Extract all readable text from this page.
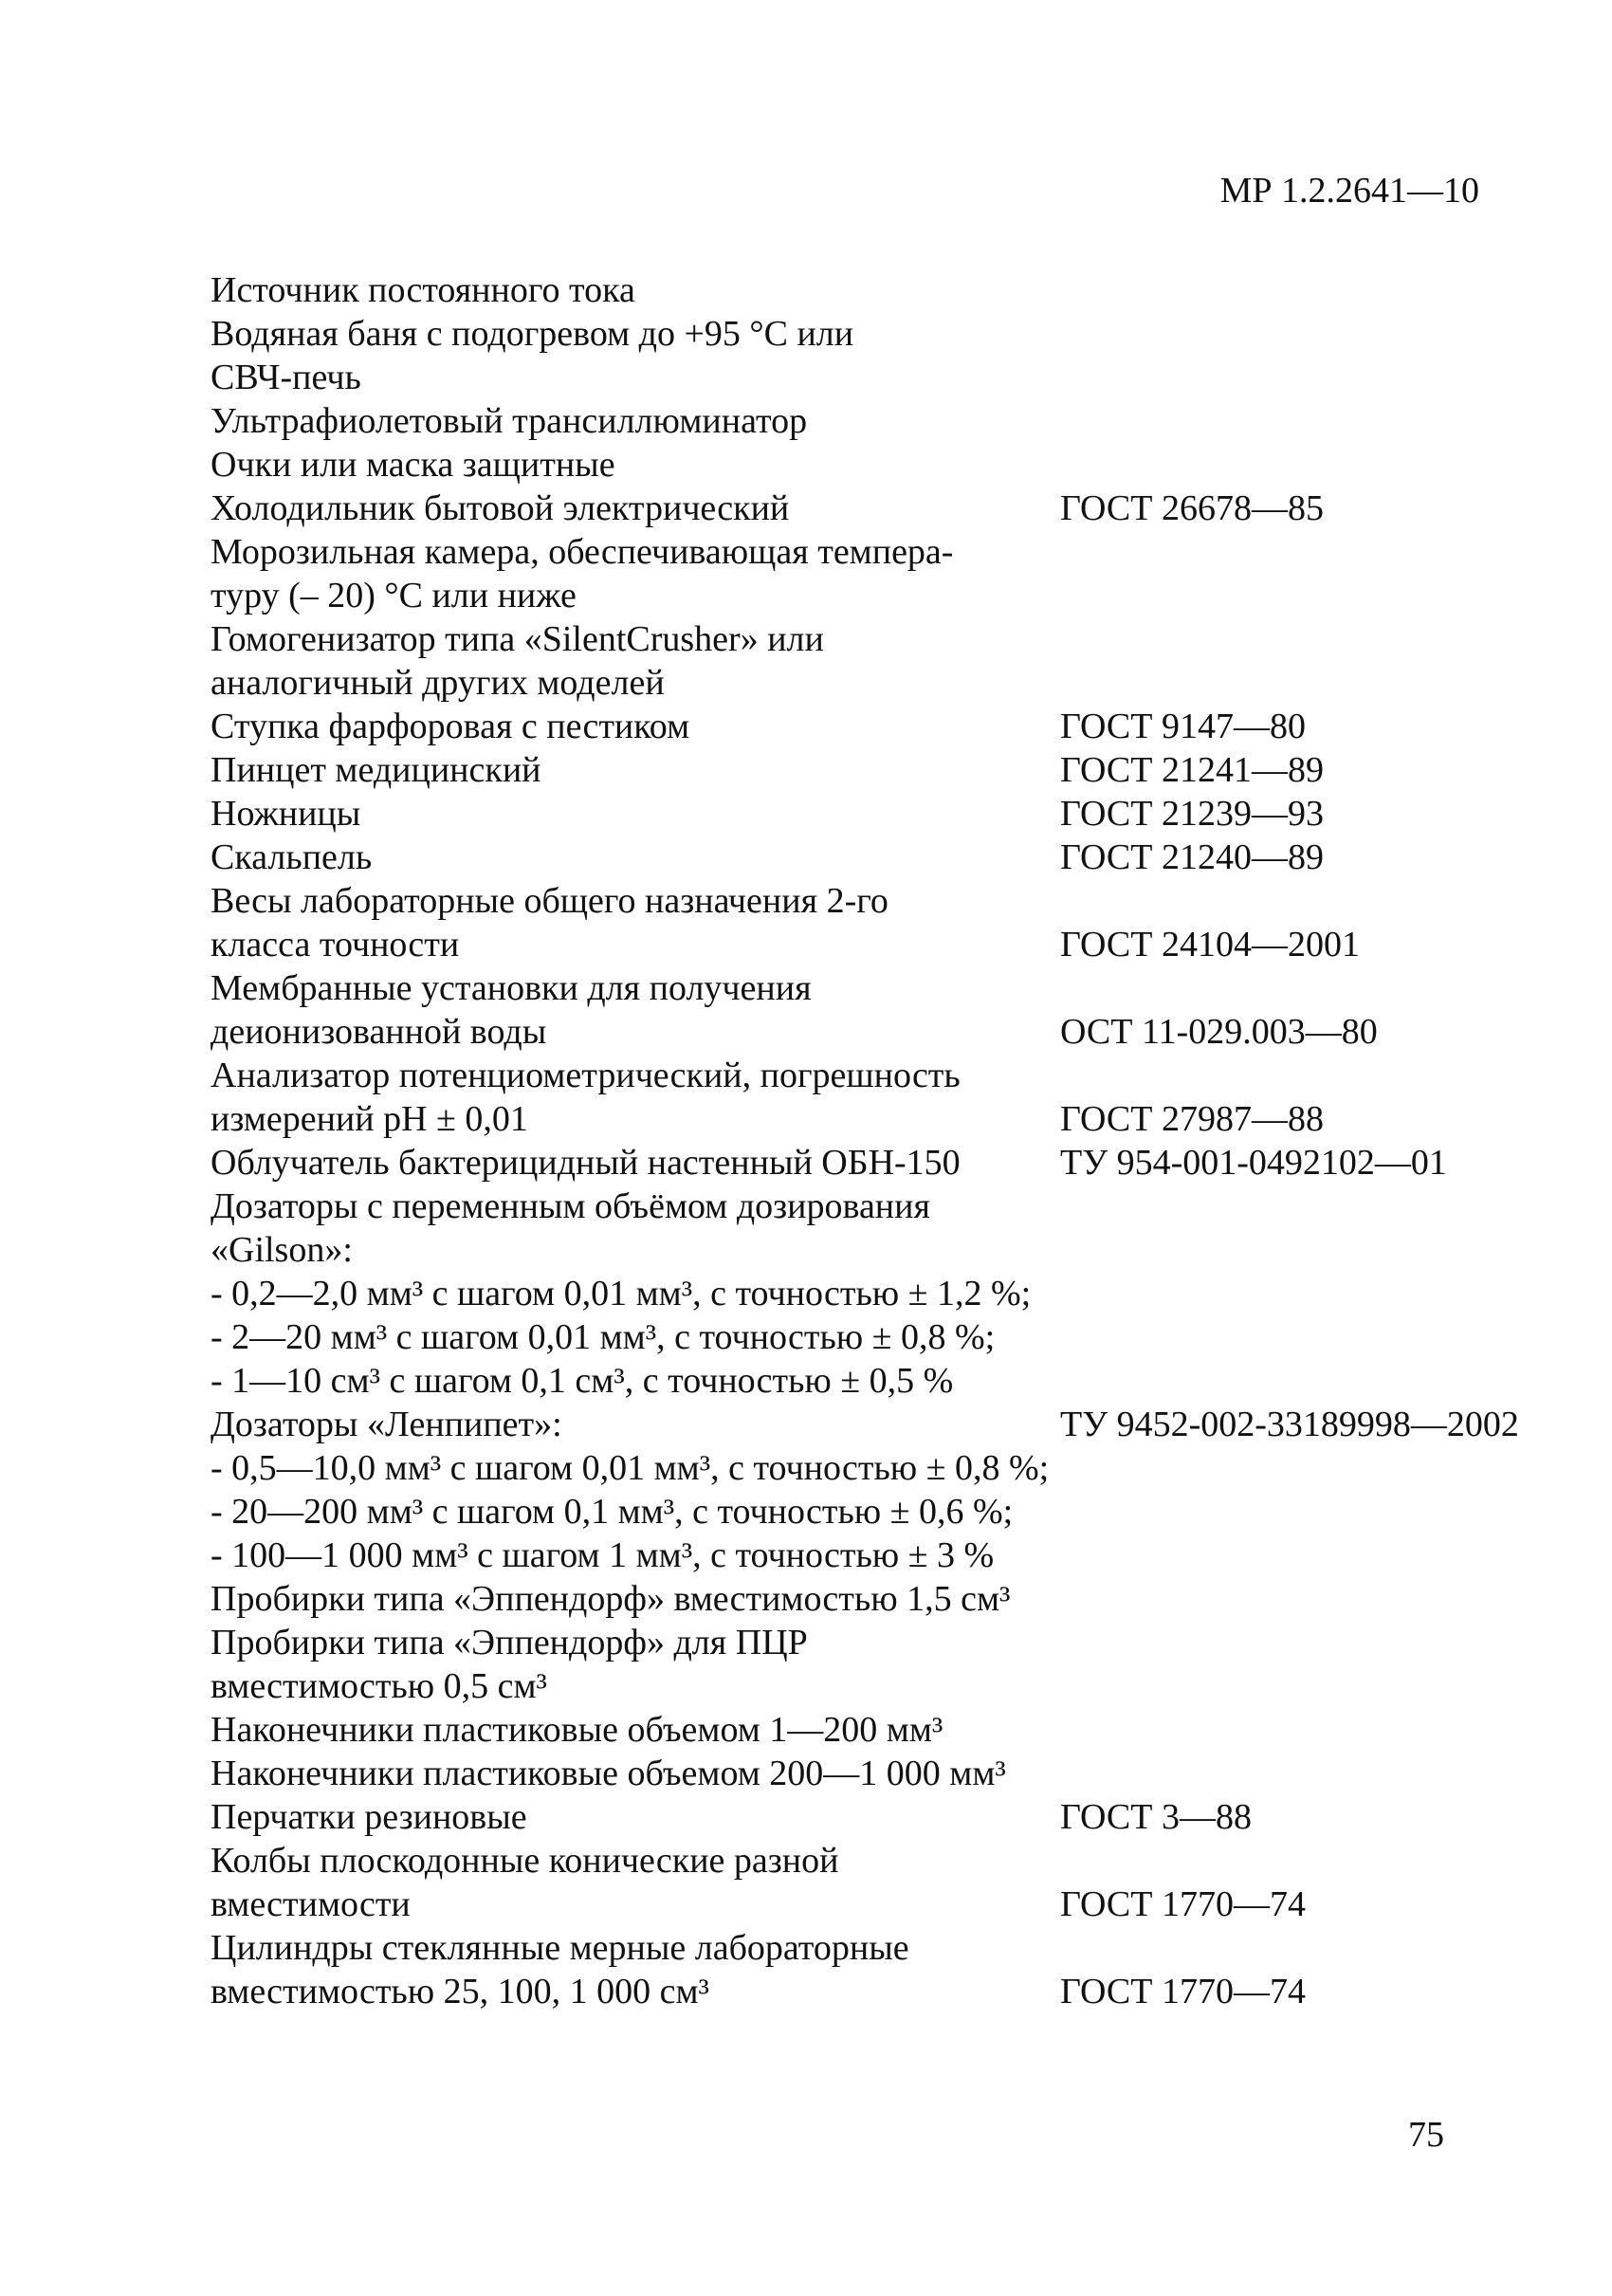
МР 1.2.2641—10
Источник постоянного тока
Водяная баня с подогревом до +95 °С или
СВЧ-печь
Ультрафиолетовый трансиллюминатор
Очки или маска защитные
Холодильник бытовой электрический	ГОСТ 26678—85
Морозильная камера, обеспечивающая темпера-
туру (– 20) °С или ниже
Гомогенизатор типа «SilentCrusher» или
аналогичный других моделей
Ступка фарфоровая с пестиком	ГОСТ 9147—80
Пинцет медицинский	ГОСТ 21241—89
Ножницы	ГОСТ 21239—93
Скальпель	ГОСТ 21240—89
Весы лабораторные общего назначения 2-го
класса точности	ГОСТ 24104—2001
Мембранные установки для получения
деионизованной воды	ОСТ 11-029.003—80
Анализатор потенциометрический, погрешность
измерений pH ± 0,01	ГОСТ 27987—88
Облучатель бактерицидный настенный ОБН-150	ТУ 954-001-0492102—01
Дозаторы с переменным объёмом дозирования
«Gilson»:
- 0,2—2,0 мм³ с шагом 0,01 мм³, с точностью ± 1,2 %;
- 2—20 мм³ с шагом 0,01 мм³, с точностью ± 0,8 %;
- 1—10 см³ с шагом 0,1 см³, с точностью ± 0,5 %
Дозаторы «Ленпипет»:	ТУ 9452-002-33189998—2002
- 0,5—10,0 мм³ с шагом 0,01 мм³, с точностью ± 0,8 %;
- 20—200 мм³ с шагом 0,1 мм³, с точностью ± 0,6 %;
- 100—1 000 мм³ с шагом 1 мм³, с точностью ± 3 %
Пробирки типа «Эппендорф» вместимостью 1,5 см³
Пробирки типа «Эппендорф» для ПЦР
вместимостью 0,5 см³
Наконечники пластиковые объемом 1—200 мм³
Наконечники пластиковые объемом 200—1 000 мм³
Перчатки резиновые	ГОСТ 3—88
Колбы плоскодонные конические разной
вместимости	ГОСТ 1770—74
Цилиндры стеклянные мерные лабораторные
вместимостью 25, 100, 1 000 см³	ГОСТ 1770—74
75
